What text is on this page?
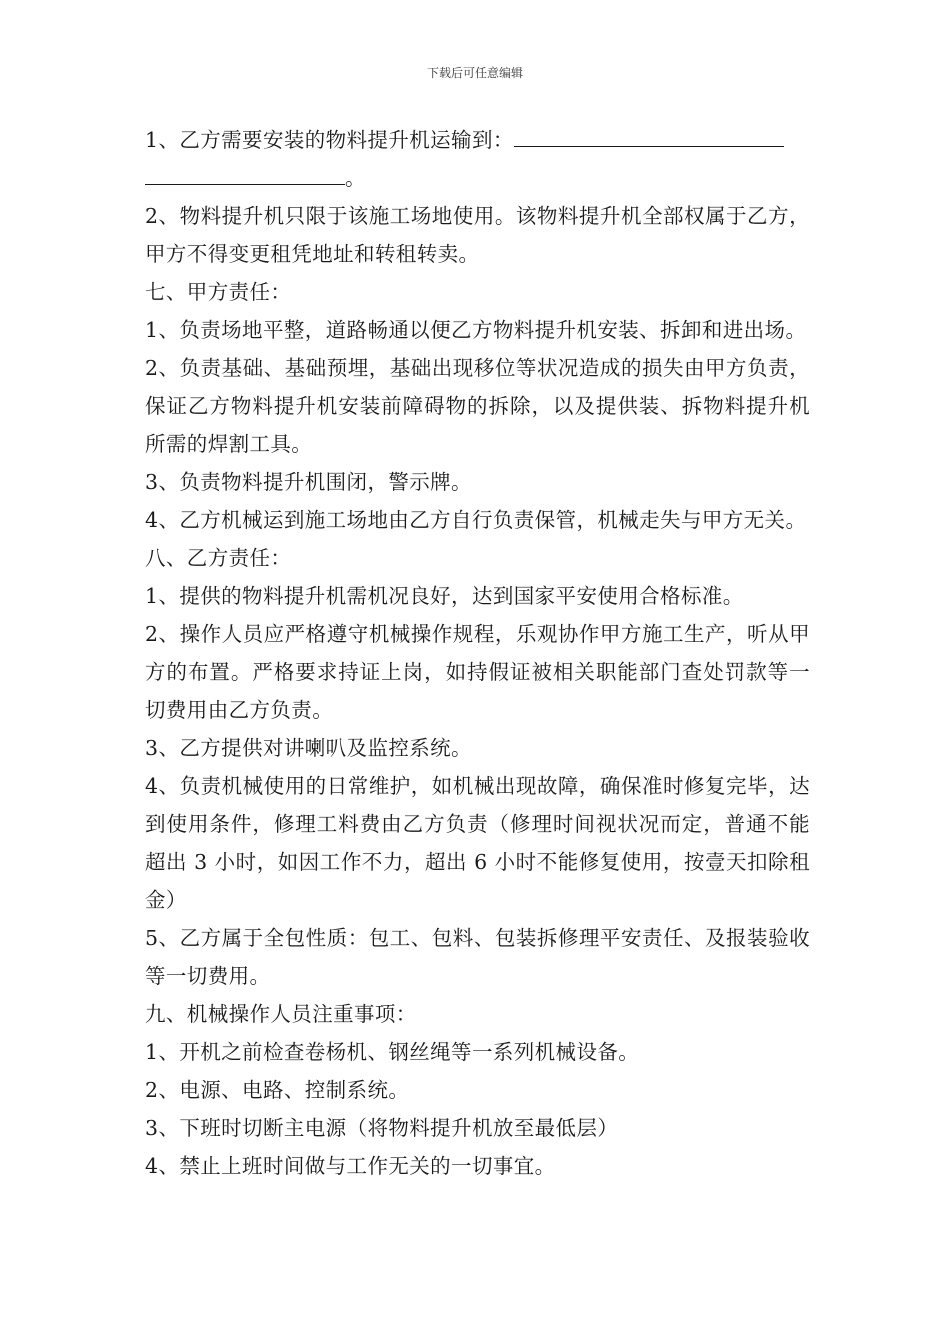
下载后可任意编辑

1、乙方需要安装的物料提升机运输到：
。

2、物料提升机只限于该施工场地使用。该物料提升机全部权属于乙方，甲方不得变更租凭地址和转租转卖。

七、甲方责任：

1、负责场地平整，道路畅通以便乙方物料提升机安装、拆卸和进出场。

2、负责基础、基础预埋，基础出现移位等状况造成的损失由甲方负责，保证乙方物料提升机安装前障碍物的拆除，以及提供装、拆物料提升机所需的焊割工具。

3、负责物料提升机围闭，警示牌。

4、乙方机械运到施工场地由乙方自行负责保管，机械走失与甲方无关。

八、乙方责任：

1、提供的物料提升机需机况良好，达到国家平安使用合格标准。

2、操作人员应严格遵守机械操作规程，乐观协作甲方施工生产，听从甲方的布置。严格要求持证上岗，如持假证被相关职能部门查处罚款等一切费用由乙方负责。

3、乙方提供对讲喇叭及监控系统。

4、负责机械使用的日常维护，如机械出现故障，确保准时修复完毕，达到使用条件，修理工料费由乙方负责（修理时间视状况而定，普通不能超出 3 小时，如因工作不力，超出 6 小时不能修复使用，按壹天扣除租金）

5、乙方属于全包性质：包工、包料、包装拆修理平安责任、及报装验收等一切费用。

九、机械操作人员注重事项：

1、开机之前检查卷杨机、钢丝绳等一系列机械设备。

2、电源、电路、控制系统。

3、下班时切断主电源（将物料提升机放至最低层）

4、禁止上班时间做与工作无关的一切事宜。
